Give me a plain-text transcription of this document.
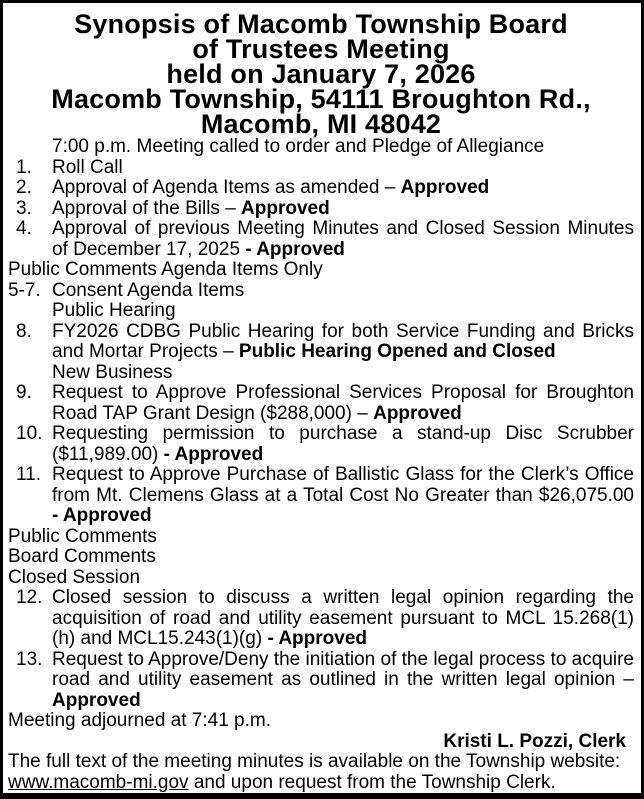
Synopsis of Macomb Township Board
of Trustees Meeting
held on January 7, 2026
Macomb Township, 54111 Broughton Rd.,
Macomb, MI 48042
7:00 p.m. Meeting called to order and Pledge of Allegiance
1. Roll Call
2. Approval of Agenda Items as amended – Approved
3. Approval of the Bills – Approved
4. Approval of previous Meeting Minutes and Closed Session Minutes of December 17, 2025 - Approved
Public Comments Agenda Items Only
5-7. Consent Agenda Items
Public Hearing
8. FY2026 CDBG Public Hearing for both Service Funding and Bricks and Mortar Projects – Public Hearing Opened and Closed
New Business
9. Request to Approve Professional Services Proposal for Broughton Road TAP Grant Design ($288,000) – Approved
10. Requesting permission to purchase a stand-up Disc Scrubber ($11,989.00) - Approved
11. Request to Approve Purchase of Ballistic Glass for the Clerk’s Office from Mt. Clemens Glass at a Total Cost No Greater than $26,075.00 - Approved
Public Comments
Board Comments
Closed Session
12. Closed session to discuss a written legal opinion regarding the acquisition of road and utility easement pursuant to MCL 15.268(1)(h) and MCL15.243(1)(g) - Approved
13. Request to Approve/Deny the initiation of the legal process to acquire road and utility easement as outlined in the written legal opinion – Approved
Meeting adjourned at 7:41 p.m.
Kristi L. Pozzi, Clerk
The full text of the meeting minutes is available on the Township website: www.macomb-mi.gov and upon request from the Township Clerk.
